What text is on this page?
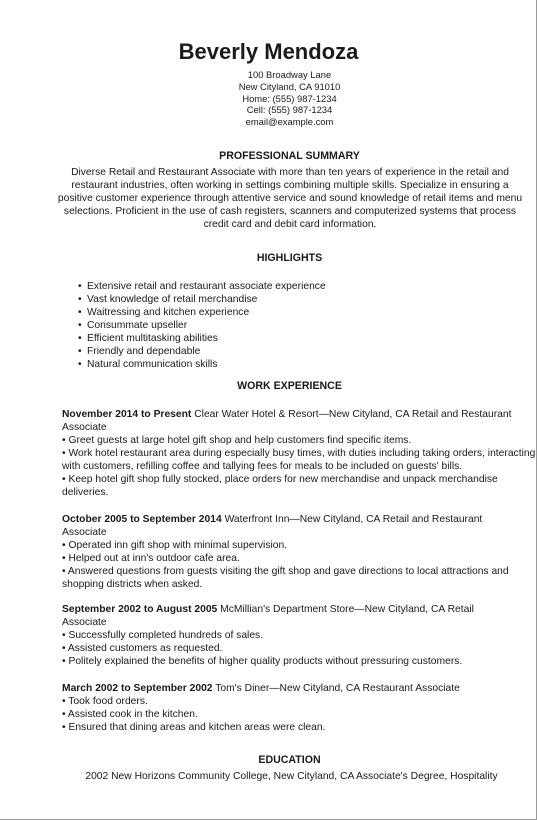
Beverly Mendoza
100 Broadway Lane
New Cityland, CA 91010
Home: (555) 987-1234
Cell: (555) 987-1234
email@example.com
PROFESSIONAL SUMMARY
Diverse Retail and Restaurant Associate with more than ten years of experience in the retail and restaurant industries, often working in settings combining multiple skills. Specialize in ensuring a positive customer experience through attentive service and sound knowledge of retail items and menu selections. Proficient in the use of cash registers, scanners and computerized systems that process credit card and debit card information.
HIGHLIGHTS
• Extensive retail and restaurant associate experience
• Vast knowledge of retail merchandise
• Waitressing and kitchen experience
• Consummate upseller
• Efficient multitasking abilities
• Friendly and dependable
• Natural communication skills
WORK EXPERIENCE
November 2014 to Present Clear Water Hotel & Resort—New Cityland, CA Retail and Restaurant
Associate
• Greet guests at large hotel gift shop and help customers find specific items.
• Work hotel restaurant area during especially busy times, with duties including taking orders, interacting with customers, refilling coffee and tallying fees for meals to be included on guests' bills.
• Keep hotel gift shop fully stocked, place orders for new merchandise and unpack merchandise deliveries.
October 2005 to September 2014 Waterfront Inn—New Cityland, CA Retail and Restaurant
Associate
• Operated inn gift shop with minimal supervision.
• Helped out at inn's outdoor cafe area.
• Answered questions from guests visiting the gift shop and gave directions to local attractions and shopping districts when asked.
September 2002 to August 2005 McMillian's Department Store—New Cityland, CA Retail
Associate
• Successfully completed hundreds of sales.
• Assisted customers as requested.
• Politely explained the benefits of higher quality products without pressuring customers.
March 2002 to September 2002 Tom's Diner—New Cityland, CA Restaurant Associate
• Took food orders.
• Assisted cook in the kitchen.
• Ensured that dining areas and kitchen areas were clean.
EDUCATION
2002 New Horizons Community College, New Cityland, CA Associate's Degree, Hospitality
